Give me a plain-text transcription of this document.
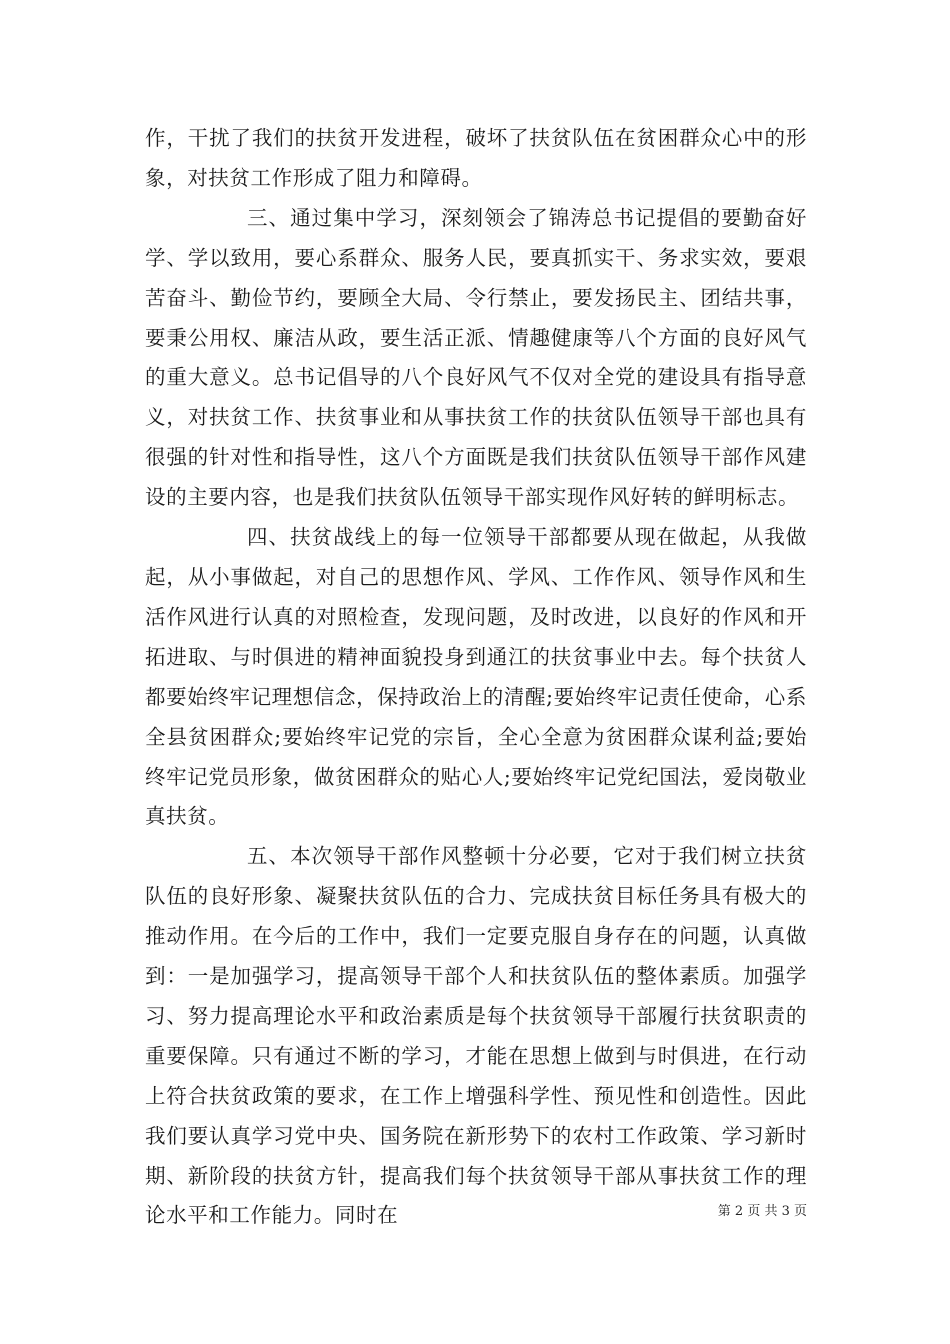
作，干扰了我们的扶贫开发进程，破坏了扶贫队伍在贫困群众心中的形象，对扶贫工作形成了阻力和障碍。

三、通过集中学习，深刻领会了锦涛总书记提倡的要勤奋好学、学以致用，要心系群众、服务人民，要真抓实干、务求实效，要艰苦奋斗、勤俭节约，要顾全大局、令行禁止，要发扬民主、团结共事，要秉公用权、廉洁从政，要生活正派、情趣健康等八个方面的良好风气的重大意义。总书记倡导的八个良好风气不仅对全党的建设具有指导意义，对扶贫工作、扶贫事业和从事扶贫工作的扶贫队伍领导干部也具有很强的针对性和指导性，这八个方面既是我们扶贫队伍领导干部作风建设的主要内容，也是我们扶贫队伍领导干部实现作风好转的鲜明标志。

四、扶贫战线上的每一位领导干部都要从现在做起，从我做起，从小事做起，对自己的思想作风、学风、工作作风、领导作风和生活作风进行认真的对照检查，发现问题，及时改进，以良好的作风和开拓进取、与时俱进的精神面貌投身到通江的扶贫事业中去。每个扶贫人都要始终牢记理想信念，保持政治上的清醒;要始终牢记责任使命，心系全县贫困群众;要始终牢记党的宗旨，全心全意为贫困群众谋利益;要始终牢记党员形象，做贫困群众的贴心人;要始终牢记党纪国法，爱岗敬业真扶贫。

五、本次领导干部作风整顿十分必要，它对于我们树立扶贫队伍的良好形象、凝聚扶贫队伍的合力、完成扶贫目标任务具有极大的推动作用。在今后的工作中，我们一定要克服自身存在的问题，认真做到：一是加强学习，提高领导干部个人和扶贫队伍的整体素质。加强学习、努力提高理论水平和政治素质是每个扶贫领导干部履行扶贫职责的重要保障。只有通过不断的学习，才能在思想上做到与时俱进，在行动上符合扶贫政策的要求，在工作上增强科学性、预见性和创造性。因此我们要认真学习党中央、国务院在新形势下的农村工作政策、学习新时期、新阶段的扶贫方针，提高我们每个扶贫领导干部从事扶贫工作的理论水平和工作能力。同时在	第 2 页 共 3 页
